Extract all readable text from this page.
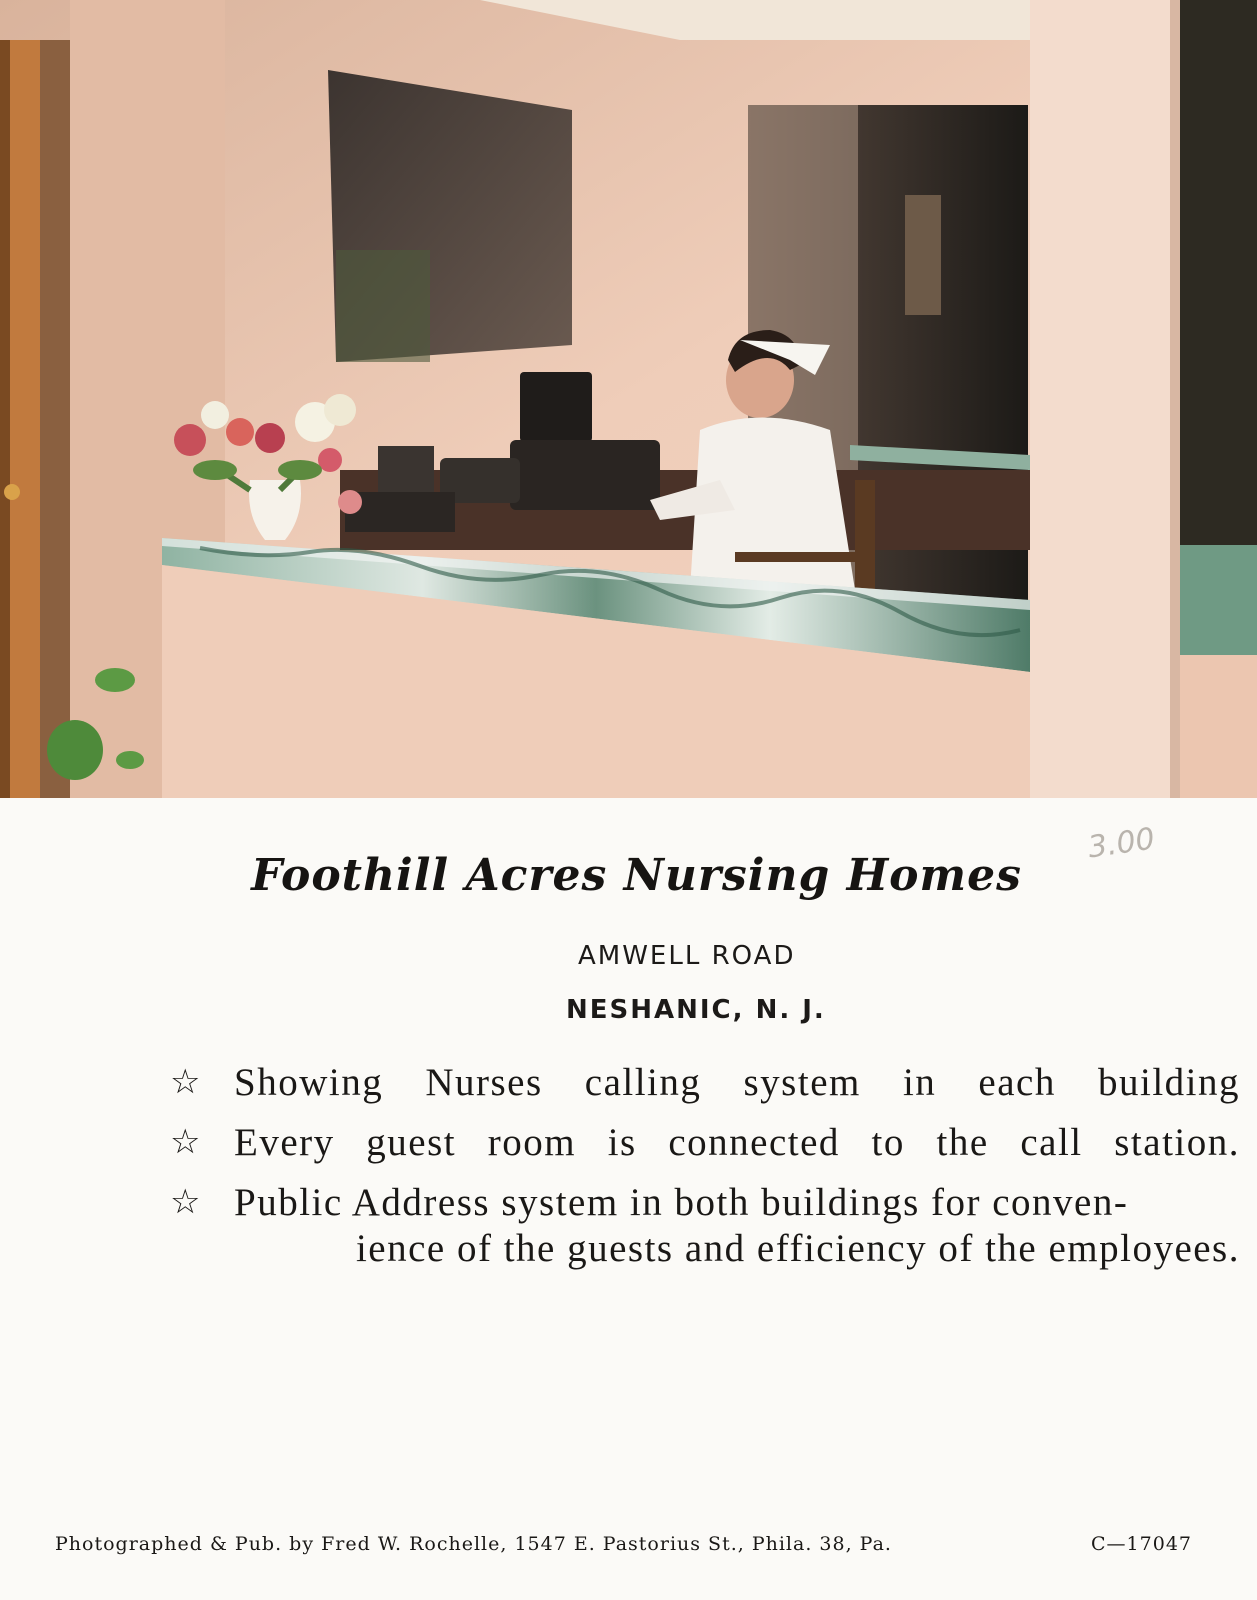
3.00
Foothill Acres Nursing Homes
AMWELL ROAD
NESHANIC, N. J.
☆ Showing Nurses calling system in each building
☆ Every guest room is connected to the call station.
☆ Public Address system in both buildings for conven-
ience of the guests and efficiency of the employees.
Photographed & Pub. by Fred W. Rochelle, 1547 E. Pastorius St., Phila. 38, Pa.	C—17047
